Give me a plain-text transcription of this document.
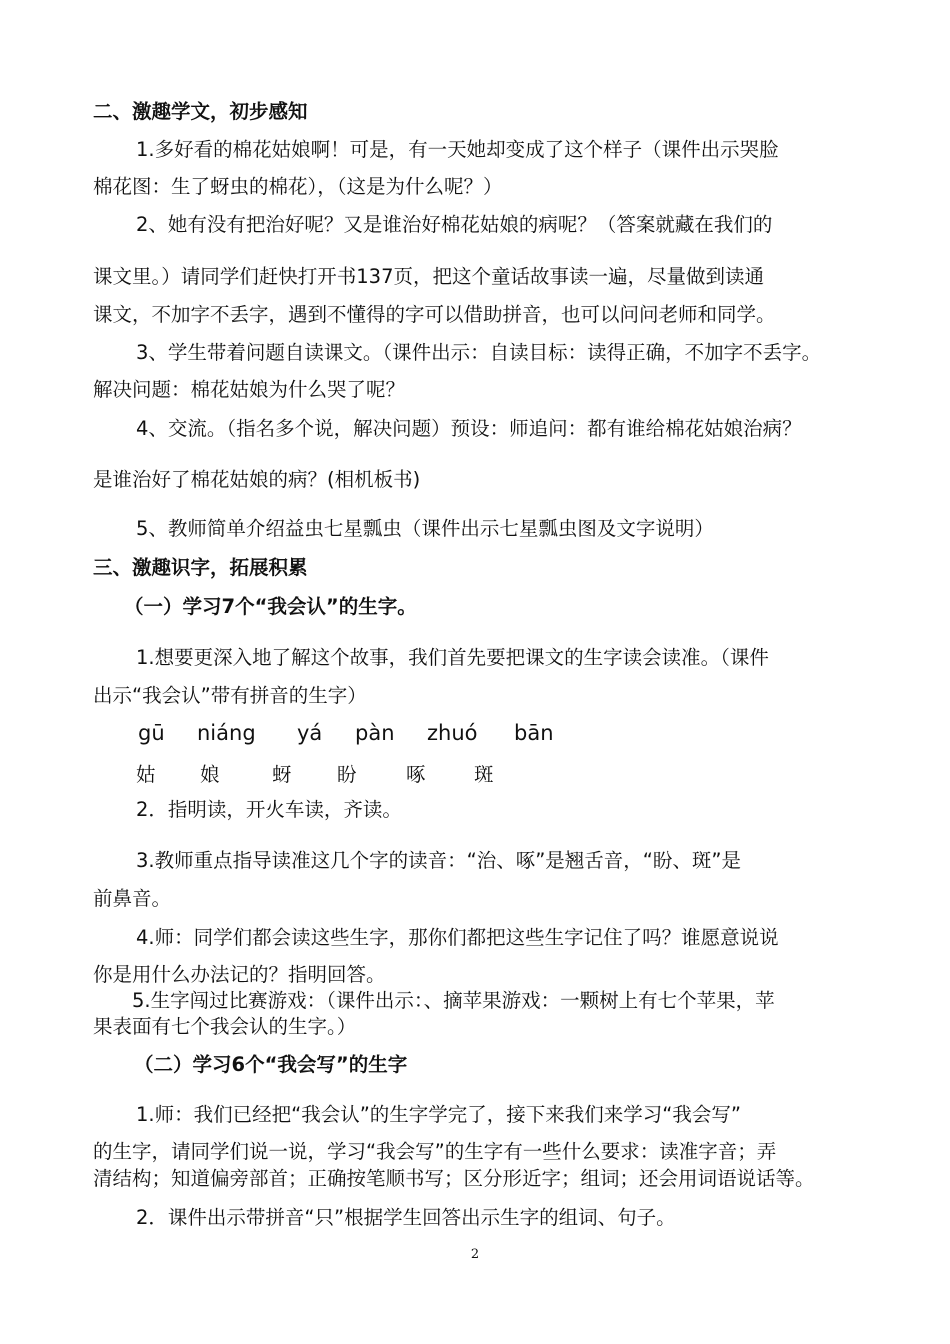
二、激趣学文，初步感知
1.多好看的棉花姑娘啊！可是，有一天她却变成了这个样子（课件出示哭脸
棉花图：生了蚜虫的棉花），（这是为什么呢？）
2、她有没有把治好呢？又是谁治好棉花姑娘的病呢？（答案就藏在我们的
课文里。）请同学们赶快打开书137页，把这个童话故事读一遍，尽量做到读通
课文，不加字不丢字，遇到不懂得的字可以借助拼音，也可以问问老师和同学。
3、学生带着问题自读课文。（课件出示：自读目标：读得正确，不加字不丢字。
解决问题：棉花姑娘为什么哭了呢？
4、交流。（指名多个说，解决问题）预设：师追问：都有谁给棉花姑娘治病？
是谁治好了棉花姑娘的病？(相机板书)
5、教师简单介绍益虫七星瓢虫（课件出示七星瓢虫图及文字说明）
三、激趣识字，拓展积累
（一）学习7个“我会认”的生字。
1.想要更深入地了解这个故事，我们首先要把课文的生字读会读准。（课件
出示“我会认”带有拼音的生字）
gū niáng yá pàn zhuó bān
姑 娘	蚜 盼	啄 斑
2．指明读，开火车读，齐读。
3.教师重点指导读准这几个字的读音：“治、啄”是翘舌音，“盼、斑”是
前鼻音。
4.师：同学们都会读这些生字，那你们都把这些生字记住了吗？谁愿意说说
你是用什么办法记的？指明回答。
5.生字闯过比赛游戏：（课件出示：、摘苹果游戏：一颗树上有七个苹果，苹
果表面有七个我会认的生字。）
（二）学习6个“我会写”的生字
1.师：我们已经把“我会认”的生字学完了，接下来我们来学习“我会写”
的生字，请同学们说一说，学习“我会写”的生字有一些什么要求：读准字音；弄
清结构；知道偏旁部首；正确按笔顺书写；区分形近字；组词；还会用词语说话等。
2．课件出示带拼音“只”根据学生回答出示生字的组词、句子。
2
